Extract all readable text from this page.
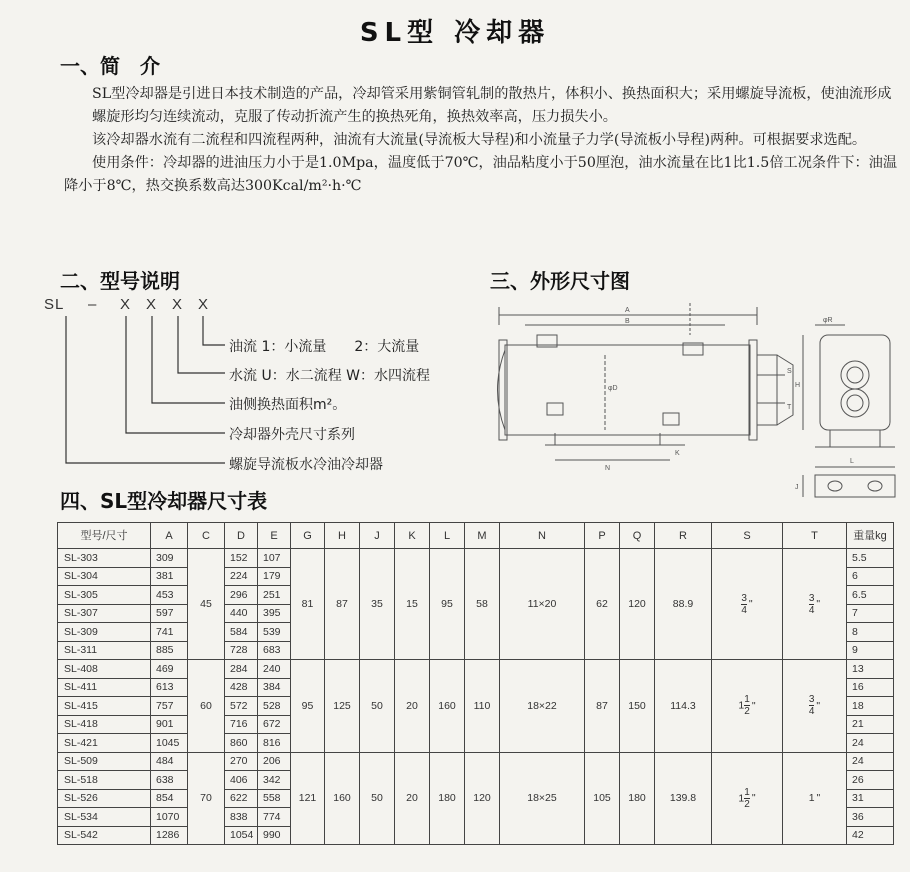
SL型 冷却器
一、简　介

SL型冷却器是引进日本技术制造的产品，冷却管采用紫铜管轧制的散热片，体积小、换热面积大；采用螺旋导流板，使油流形成螺旋形均匀连续流动，克服了传动折流产生的换热死角，换热效率高，压力损失小。

该冷却器水流有二流程和四流程两种，油流有大流量(导流板大导程)和小流量子力学(导流板小导程)两种。可根据要求选配。

使用条件：冷却器的进油压力小于是1.0Mpa，温度低于70℃，油品粘度小于50厘泡，油水流量在比1比1.5倍工况条件下：油温降小于8℃，热交换系数高达300Kcal/m²·h·℃

二、型号说明
SL – X X X X
油流 1：小流量　　2：大流量
水流 U：水二流程 W：水四流程
油侧换热面积m²。
冷却器外壳尺寸系列
螺旋导流板水冷油冷却器
三、外形尺寸图
A
B
N
S
T
φD
φR
H
L
J
K
四、SL型冷却器尺寸表
型号/尺寸	A	C	D	E	G	H	J	K	L	M	N	P	Q	R	S	T	重量kg
SL-303	309	45	152	107	81	87	35	15	95	58	11×20	62	120	88.9	$\frac{3}{4}$ "	$\frac{3}{4}$ "	5.5
SL-304	381		224	179													6
SL-305	453		296	251													6.5
SL-307	597		440	395													7
SL-309	741		584	539													8
SL-311	885		728	683													9
SL-408	469	60	284	240	95	125	50	20	160	110	18×22	87	150	114.3	$1 \frac{1}{2}$ "	$\frac{3}{4}$ "	13
SL-411	613		428	384													16
SL-415	757		572	528													18
SL-418	901		716	672													21
SL-421	1045		860	816													24
SL-509	484	70	270	206	121	160	50	20	180	120	18×25	105	180	139.8	$1 \frac{1}{2}$ "	1 "	24
SL-518	638		406	342													26
SL-526	854		622	558													31
SL-534	1070		838	774													36
SL-542	1286		1054	990													42
